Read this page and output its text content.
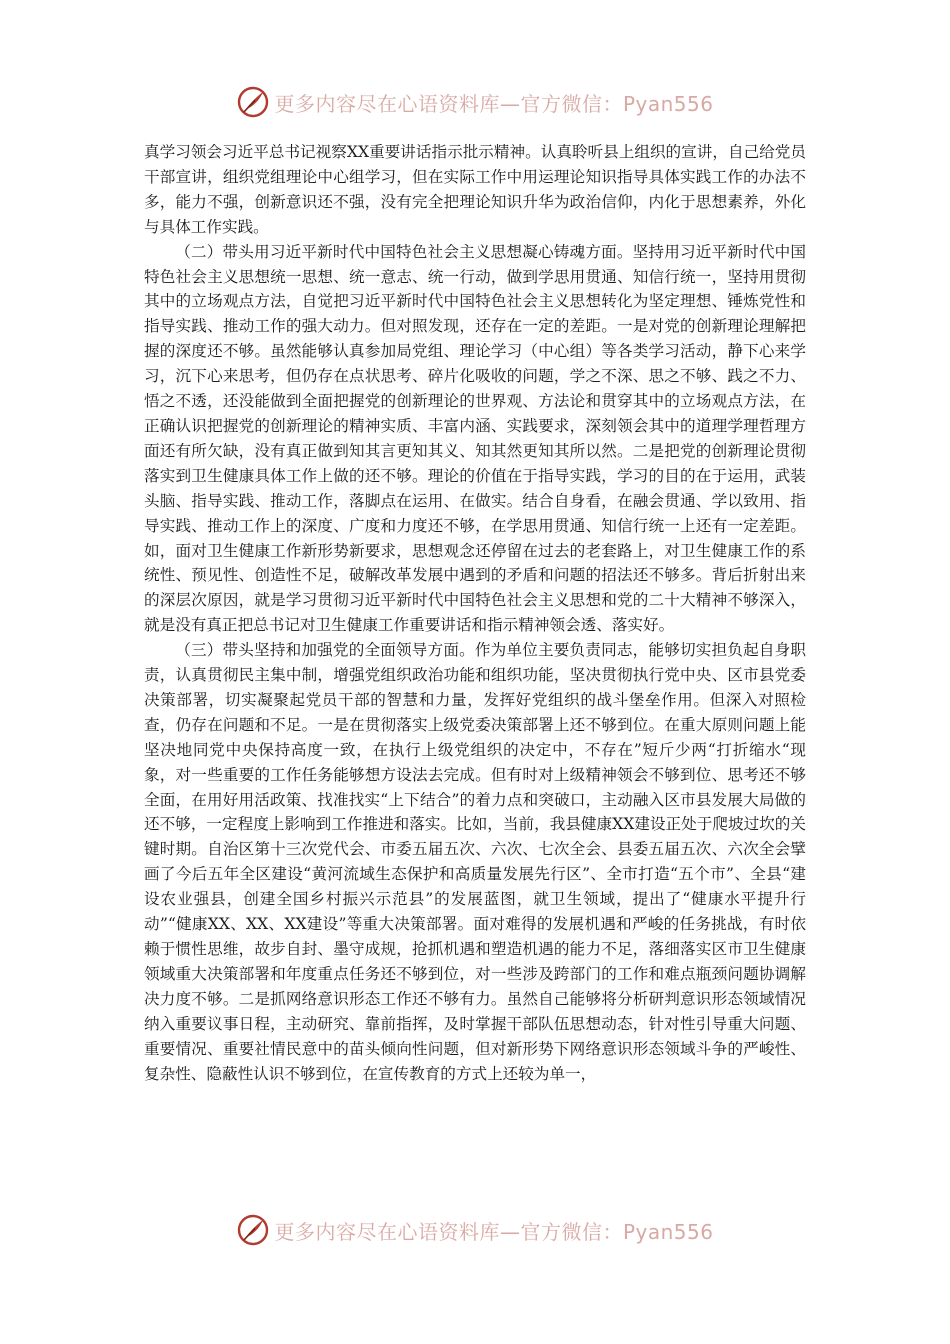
更多内容尽在心语资料库—官方微信：Pyan556

真学习领会习近平总书记视察XX重要讲话指示批示精神。认真聆听县上组织的宣讲，自己给党员干部宣讲，组织党组理论中心组学习，但在实际工作中用运理论知识指导具体实践工作的办法不多，能力不强，创新意识还不强，没有完全把理论知识升华为政治信仰，内化于思想素养，外化与具体工作实践。

（二）带头用习近平新时代中国特色社会主义思想凝心铸魂方面。坚持用习近平新时代中国特色社会主义思想统一思想、统一意志、统一行动，做到学思用贯通、知信行统一，坚持用贯彻其中的立场观点方法，自觉把习近平新时代中国特色社会主义思想转化为坚定理想、锤炼党性和指导实践、推动工作的强大动力。但对照发现，还存在一定的差距。一是对党的创新理论理解把握的深度还不够。虽然能够认真参加局党组、理论学习（中心组）等各类学习活动，静下心来学习，沉下心来思考，但仍存在点状思考、碎片化吸收的问题，学之不深、思之不够、践之不力、悟之不透，还没能做到全面把握党的创新理论的世界观、方法论和贯穿其中的立场观点方法，在正确认识把握党的创新理论的精神实质、丰富内涵、实践要求，深刻领会其中的道理学理哲理方面还有所欠缺，没有真正做到知其言更知其义、知其然更知其所以然。二是把党的创新理论贯彻落实到卫生健康具体工作上做的还不够。理论的价值在于指导实践，学习的目的在于运用，武装头脑、指导实践、推动工作，落脚点在运用、在做实。结合自身看，在融会贯通、学以致用、指导实践、推动工作上的深度、广度和力度还不够，在学思用贯通、知信行统一上还有一定差距。如，面对卫生健康工作新形势新要求，思想观念还停留在过去的老套路上，对卫生健康工作的系统性、预见性、创造性不足，破解改革发展中遇到的矛盾和问题的招法还不够多。背后折射出来的深层次原因，就是学习贯彻习近平新时代中国特色社会主义思想和党的二十大精神不够深入，就是没有真正把总书记对卫生健康工作重要讲话和指示精神领会透、落实好。

（三）带头坚持和加强党的全面领导方面。作为单位主要负责同志，能够切实担负起自身职责，认真贯彻民主集中制，增强党组织政治功能和组织功能，坚决贯彻执行党中央、区市县党委决策部署，切实凝聚起党员干部的智慧和力量，发挥好党组织的战斗堡垒作用。但深入对照检查，仍存在问题和不足。一是在贯彻落实上级党委决策部署上还不够到位。在重大原则问题上能坚决地同党中央保持高度一致，在执行上级党组织的决定中，不存在”短斤少两“打折缩水“现象，对一些重要的工作任务能够想方设法去完成。但有时对上级精神领会不够到位、思考还不够全面，在用好用活政策、找准找实“上下结合”的着力点和突破口，主动融入区市县发展大局做的还不够，一定程度上影响到工作推进和落实。比如，当前，我县健康XX建设正处于爬坡过坎的关键时期。自治区第十三次党代会、市委五届五次、六次、七次全会、县委五届五次、六次全会擘画了今后五年全区建设“黄河流域生态保护和高质量发展先行区”、全市打造“五个市”、全县“建设农业强县，创建全国乡村振兴示范县”的发展蓝图，就卫生领域，提出了“健康水平提升行动”“健康XX、XX、XX建设”等重大决策部署。面对难得的发展机遇和严峻的任务挑战，有时依赖于惯性思维，故步自封、墨守成规，抢抓机遇和塑造机遇的能力不足，落细落实区市卫生健康领域重大决策部署和年度重点任务还不够到位，对一些涉及跨部门的工作和难点瓶颈问题协调解决力度不够。二是抓网络意识形态工作还不够有力。虽然自己能够将分析研判意识形态领域情况纳入重要议事日程，主动研究、靠前指挥，及时掌握干部队伍思想动态，针对性引导重大问题、重要情况、重要社情民意中的苗头倾向性问题，但对新形势下网络意识形态领域斗争的严峻性、复杂性、隐蔽性认识不够到位，在宣传教育的方式上还较为单一，

更多内容尽在心语资料库—官方微信：Pyan556
